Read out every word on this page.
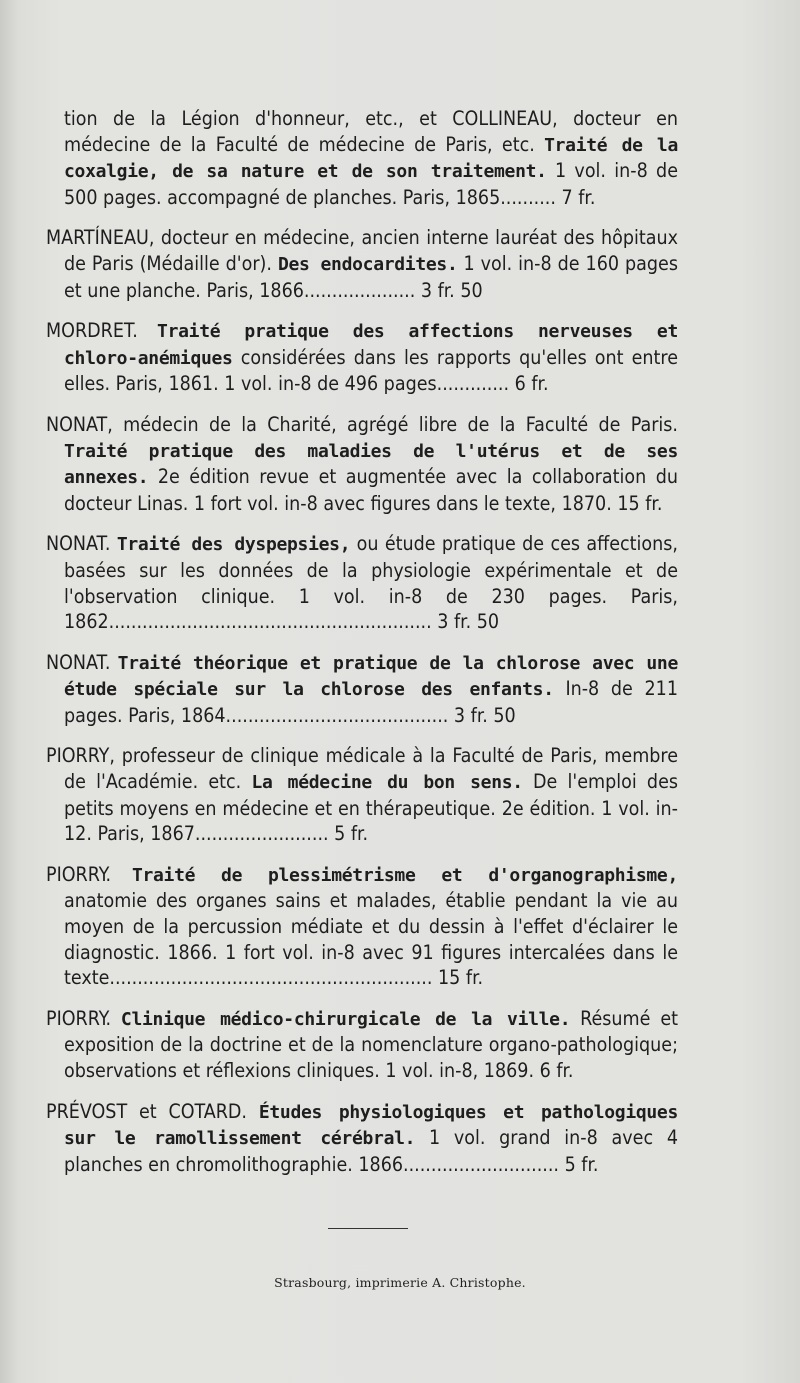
tion de la Légion d'honneur, etc., et COLLINEAU, docteur en médecine de la Faculté de médecine de Paris, etc. Traité de la coxalgie, de sa nature et de son traitement. 1 vol. in-8 de 500 pages. accompagné de planches. Paris, 1865.......... 7 fr.

MARTÍNEAU, docteur en médecine, ancien interne lauréat des hôpitaux de Paris (Médaille d'or). Des endocardites. 1 vol. in-8 de 160 pages et une planche. Paris, 1866.................... 3 fr. 50

MORDRET. Traité pratique des affections nerveuses et chloro-anémiques considérées dans les rapports qu'elles ont entre elles. Paris, 1861. 1 vol. in-8 de 496 pages............. 6 fr.

NONAT, médecin de la Charité, agrégé libre de la Faculté de Paris. Traité pratique des maladies de l'utérus et de ses annexes. 2e édition revue et augmentée avec la collaboration du docteur Linas. 1 fort vol. in-8 avec figures dans le texte, 1870. 15 fr.

NONAT. Traité des dyspepsies, ou étude pratique de ces affections, basées sur les données de la physiologie expérimentale et de l'observation clinique. 1 vol. in-8 de 230 pages. Paris, 1862.......................................................... 3 fr. 50

NONAT. Traité théorique et pratique de la chlorose avec une étude spéciale sur la chlorose des enfants. In-8 de 211 pages. Paris, 1864........................................ 3 fr. 50

PIORRY, professeur de clinique médicale à la Faculté de Paris, membre de l'Académie. etc. La médecine du bon sens. De l'emploi des petits moyens en médecine et en thérapeutique. 2e édition. 1 vol. in-12. Paris, 1867........................ 5 fr.

PIORRY. Traité de plessimétrisme et d'organographisme, anatomie des organes sains et malades, établie pendant la vie au moyen de la percussion médiate et du dessin à l'effet d'éclairer le diagnostic. 1866. 1 fort vol. in-8 avec 91 figures intercalées dans le texte.......................................................... 15 fr.

PIORRY. Clinique médico-chirurgicale de la ville. Résumé et exposition de la doctrine et de la nomenclature organo-pathologique; observations et réflexions cliniques. 1 vol. in-8, 1869. 6 fr.

PRÉVOST et COTARD. Études physiologiques et pathologiques sur le ramollissement cérébral. 1 vol. grand in-8 avec 4 planches en chromolithographie. 1866............................ 5 fr.

Strasbourg, imprimerie A. Christophe.
